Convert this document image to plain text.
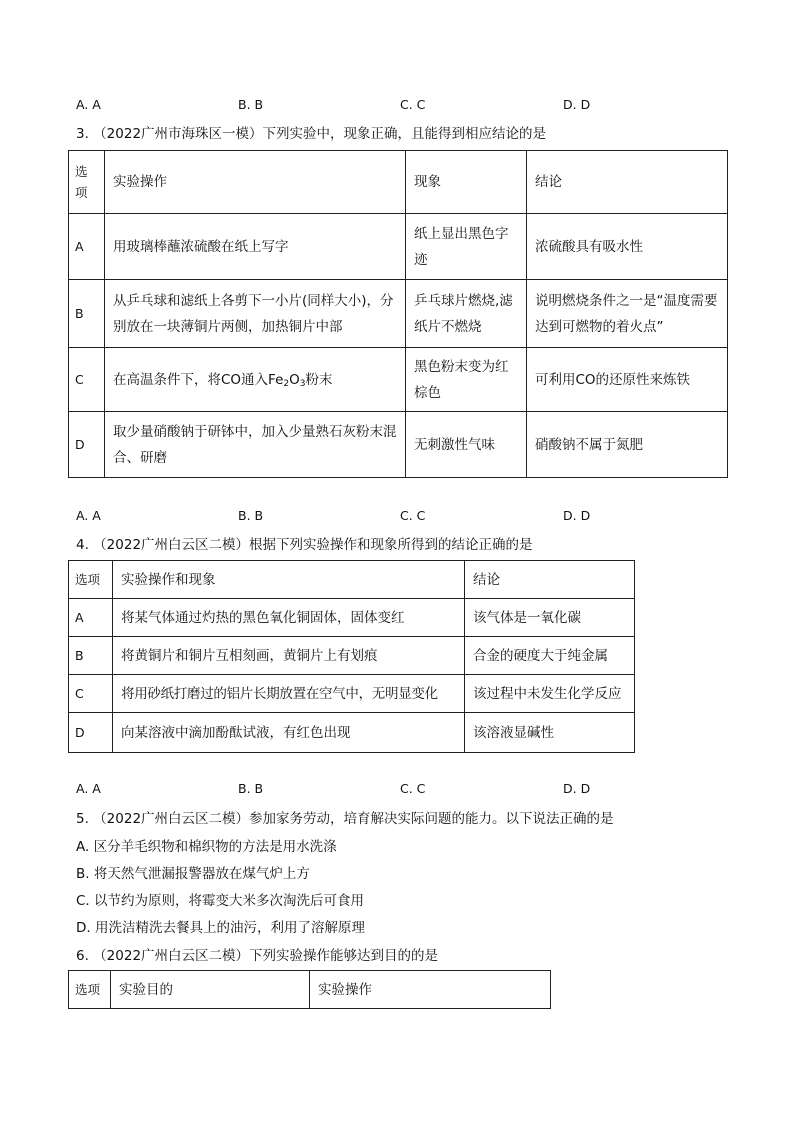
A. A	B. B	C. C	D. D
3. （2022广州市海珠区一模）下列实验中，现象正确，且能得到相应结论的是
选项	实验操作	现象	结论
A	用玻璃棒蘸浓硫酸在纸上写字	纸上显出黑色字迹	浓硫酸具有吸水性
B	从乒乓球和滤纸上各剪下一小片(同样大小)，分别放在一块薄铜片两侧，加热铜片中部	乒乓球片燃烧,滤纸片不燃烧	说明燃烧条件之一是“温度需要达到可燃物的着火点”
C	在高温条件下，将CO通入$Fe_2O_3$粉末	黑色粉末变为红棕色	可利用CO的还原性来炼铁
D	取少量硝酸钠于研钵中，加入少量熟石灰粉末混合、研磨	无刺激性气味	硝酸钠不属于氮肥
A. A	B. B	C. C	D. D
4. （2022广州白云区二模）根据下列实验操作和现象所得到的结论正确的是
选项	实验操作和现象	结论
A	将某气体通过灼热的黑色氧化铜固体，固体变红	该气体是一氧化碳
B	将黄铜片和铜片互相刻画，黄铜片上有划痕	合金的硬度大于纯金属
C	将用砂纸打磨过的铝片长期放置在空气中，无明显变化	该过程中未发生化学反应
D	向某溶液中滴加酚酞试液，有红色出现	该溶液显碱性
A. A	B. B	C. C	D. D
5. （2022广州白云区二模）参加家务劳动，培育解决实际问题的能力。以下说法正确的是
A. 区分羊毛织物和棉织物的方法是用水洗涤
B. 将天然气泄漏报警器放在煤气炉上方
C. 以节约为原则，将霉变大米多次淘洗后可食用
D. 用洗洁精洗去餐具上的油污，利用了溶解原理
6. （2022广州白云区二模）下列实验操作能够达到目的的是
选项	实验目的	实验操作
